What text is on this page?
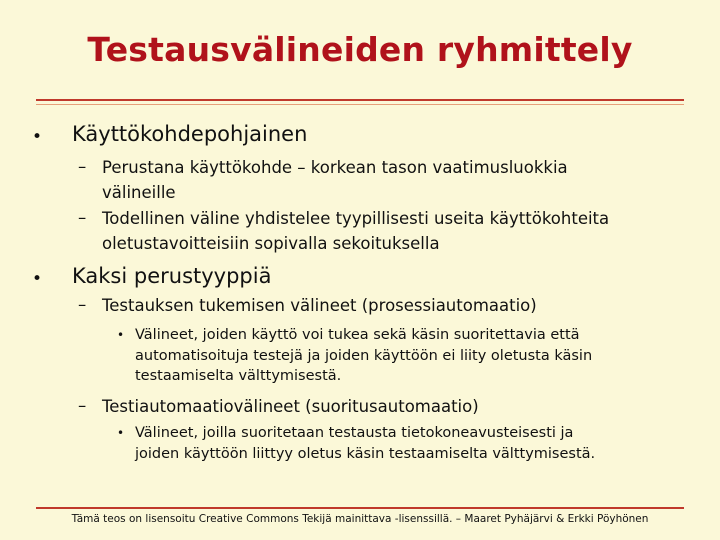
Testausvälineiden ryhmittely
• Käyttökohdepohjainen
– Perustana käyttökohde – korkean tason vaatimusluokkia
välineille
– Todellinen väline yhdistelee tyypillisesti useita käyttökohteita
oletustavoitteisiin sopivalla sekoituksella
• Kaksi perustyyppiä
– Testauksen tukemisen välineet (prosessiautomaatio)
• Välineet, joiden käyttö voi tukea sekä käsin suoritettavia että
automatisoituja testejä ja joiden käyttöön ei liity oletusta käsin
testaamiselta välttymisestä.
– Testiautomaatiovälineet (suoritusautomaatio)
• Välineet, joilla suoritetaan testausta tietokoneavusteisesti ja
joiden käyttöön liittyy oletus käsin testaamiselta välttymisestä.
Tämä teos on lisensoitu Creative Commons Tekijä mainittava -lisenssillä. – Maaret Pyhäjärvi & Erkki Pöyhönen
